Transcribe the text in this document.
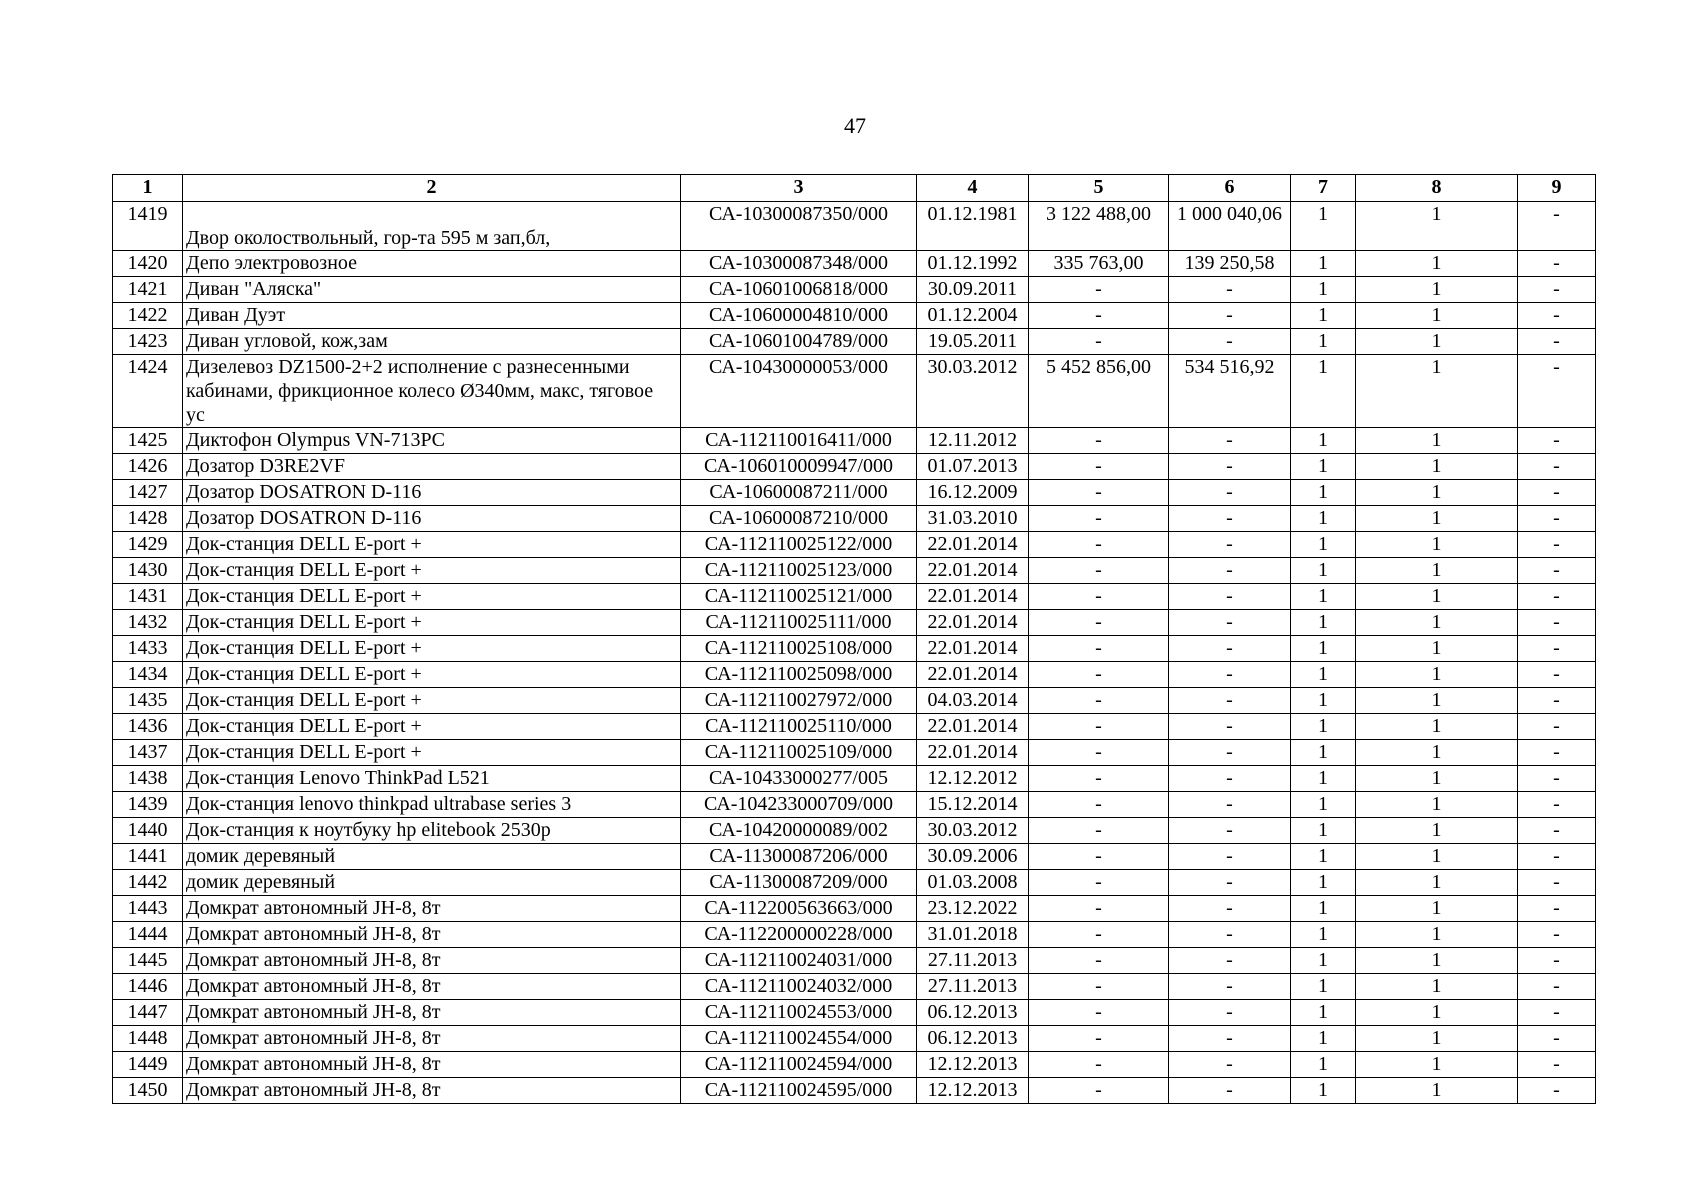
47
1	2	3	4	5	6	7	8	9
1419	Двор околоствольный, гор-та 595 м зап,бл,	СА-10300087350/000	01.12.1981	3 122 488,00	1 000 040,06	1	1	-
1420	Депо электровозное	СА-10300087348/000	01.12.1992	335 763,00	139 250,58	1	1	-
1421	Диван "Аляска"	СА-10601006818/000	30.09.2011	-	-	1	1	-
1422	Диван Дуэт	СА-10600004810/000	01.12.2004	-	-	1	1	-
1423	Диван угловой, кож,зам	СА-10601004789/000	19.05.2011	-	-	1	1	-
1424	Дизелевоз DZ1500-2+2 исполнение с разнесенными кабинами, фрикционное колесо Ø340мм, макс, тяговое ус	СА-10430000053/000	30.03.2012	5 452 856,00	534 516,92	1	1	-
1425	Диктофон Olympus VN-713PC	СА-112110016411/000	12.11.2012	-	-	1	1	-
1426	Дозатор D3RE2VF	СА-106010009947/000	01.07.2013	-	-	1	1	-
1427	Дозатор DOSATRON D-116	СА-10600087211/000	16.12.2009	-	-	1	1	-
1428	Дозатор DOSATRON D-116	СА-10600087210/000	31.03.2010	-	-	1	1	-
1429	Док-станция DELL E-port +	СА-112110025122/000	22.01.2014	-	-	1	1	-
1430	Док-станция DELL E-port +	СА-112110025123/000	22.01.2014	-	-	1	1	-
1431	Док-станция DELL E-port +	СА-112110025121/000	22.01.2014	-	-	1	1	-
1432	Док-станция DELL E-port +	СА-112110025111/000	22.01.2014	-	-	1	1	-
1433	Док-станция DELL E-port +	СА-112110025108/000	22.01.2014	-	-	1	1	-
1434	Док-станция DELL E-port +	СА-112110025098/000	22.01.2014	-	-	1	1	-
1435	Док-станция DELL E-port +	СА-112110027972/000	04.03.2014	-	-	1	1	-
1436	Док-станция DELL E-port +	СА-112110025110/000	22.01.2014	-	-	1	1	-
1437	Док-станция DELL E-port +	СА-112110025109/000	22.01.2014	-	-	1	1	-
1438	Док-станция Lenovo ThinkPad L521	СА-10433000277/005	12.12.2012	-	-	1	1	-
1439	Док-станция lenovo thinkpad ultrabase series 3	СА-104233000709/000	15.12.2014	-	-	1	1	-
1440	Док-станция к ноутбуку hp elitebook 2530p	СА-10420000089/002	30.03.2012	-	-	1	1	-
1441	домик деревяный	СА-11300087206/000	30.09.2006	-	-	1	1	-
1442	домик деревяный	СА-11300087209/000	01.03.2008	-	-	1	1	-
1443	Домкрат автономный JH-8, 8т	СА-112200563663/000	23.12.2022	-	-	1	1	-
1444	Домкрат автономный JH-8, 8т	СА-112200000228/000	31.01.2018	-	-	1	1	-
1445	Домкрат автономный JH-8, 8т	СА-112110024031/000	27.11.2013	-	-	1	1	-
1446	Домкрат автономный JH-8, 8т	СА-112110024032/000	27.11.2013	-	-	1	1	-
1447	Домкрат автономный JH-8, 8т	СА-112110024553/000	06.12.2013	-	-	1	1	-
1448	Домкрат автономный JH-8, 8т	СА-112110024554/000	06.12.2013	-	-	1	1	-
1449	Домкрат автономный JH-8, 8т	СА-112110024594/000	12.12.2013	-	-	1	1	-
1450	Домкрат автономный JH-8, 8т	СА-112110024595/000	12.12.2013	-	-	1	1	-
